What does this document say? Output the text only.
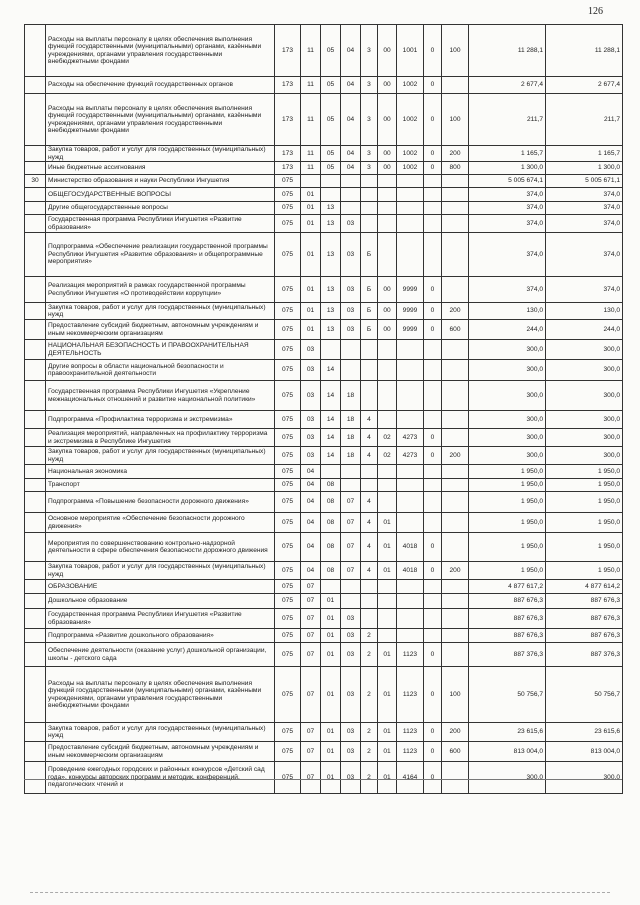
126
	Расходы на выплаты персоналу в целях обеспечения выполнения функций государственными (муниципальными) органами, казёнными учреждениями, органами управления государственными внебюджетными фондами	173	11	05	04	3	00	1001	0	100	11 288,1	11 288,1
	Расходы на обеспечение функций государственных органов	173	11	05	04	3	00	1002	0		2 677,4	2 677,4
	Расходы на выплаты персоналу в целях обеспечения выполнения функций государственными (муниципальными) органами, казёнными учреждениями, органами управления государственными внебюджетными фондами	173	11	05	04	3	00	1002	0	100	211,7	211,7
	Закупка товаров, работ и услуг для государственных (муниципальных) нужд	173	11	05	04	3	00	1002	0	200	1 165,7	1 165,7
	Иные бюджетные ассигнования	173	11	05	04	3	00	1002	0	800	1 300,0	1 300,0
30	Министерство образования и науки Республики Ингушетия	075									5 005 674,1	5 005 671,1
	ОБЩЕГОСУДАРСТВЕННЫЕ ВОПРОСЫ	075	01								374,0	374,0
	Другие общегосударственные вопросы	075	01	13							374,0	374,0
	Государственная программа Республики Ингушетия «Развитие образования»	075	01	13	03						374,0	374,0
	Подпрограмма «Обеспечение реализации государственной программы Республики Ингушетия «Развитие образования» и общепрограммные мероприятия»	075	01	13	03	Б					374,0	374,0
	Реализация мероприятий в рамках государственной программы Республики Ингушетия «О противодействии коррупции»	075	01	13	03	Б	00	9999	0		374,0	374,0
	Закупка товаров, работ и услуг для государственных (муниципальных) нужд	075	01	13	03	Б	00	9999	0	200	130,0	130,0
	Предоставление субсидий бюджетным, автономным учреждениям и иным некоммерческим организациям	075	01	13	03	Б	00	9999	0	600	244,0	244,0
	НАЦИОНАЛЬНАЯ БЕЗОПАСНОСТЬ И ПРАВООХРАНИТЕЛЬНАЯ ДЕЯТЕЛЬНОСТЬ	075	03								300,0	300,0
	Другие вопросы в области национальной безопасности и правоохранительной деятельности	075	03	14							300,0	300,0
	Государственная программа Республики Ингушетия «Укрепление межнациональных отношений и развитие национальной политики»	075	03	14	18						300,0	300,0
	Подпрограмма «Профилактика терроризма и экстремизма»	075	03	14	18	4					300,0	300,0
	Реализация мероприятий, направленных на профилактику терроризма и экстремизма в Республике Ингушетия	075	03	14	18	4	02	4273	0		300,0	300,0
	Закупка товаров, работ и услуг для государственных (муниципальных) нужд	075	03	14	18	4	02	4273	0	200	300,0	300,0
	Национальная экономика	075	04								1 950,0	1 950,0
	Транспорт	075	04	08							1 950,0	1 950,0
	Подпрограмма «Повышение безопасности дорожного движения»	075	04	08	07	4					1 950,0	1 950,0
	Основное мероприятие «Обеспечение безопасности дорожного движения»	075	04	08	07	4	01				1 950,0	1 950,0
	Мероприятия по совершенствованию контрольно-надзорной деятельности в сфере обеспечения безопасности дорожного движения	075	04	08	07	4	01	4018	0		1 950,0	1 950,0
	Закупка товаров, работ и услуг для государственных (муниципальных) нужд	075	04	08	07	4	01	4018	0	200	1 950,0	1 950,0
	ОБРАЗОВАНИЕ	075	07								4 877 617,2	4 877 614,2
	Дошкольное образование	075	07	01							887 676,3	887 676,3
	Государственная программа Республики Ингушетия «Развитие образования»	075	07	01	03						887 676,3	887 676,3
	Подпрограмма «Развитие дошкольного образования»	075	07	01	03	2					887 676,3	887 676,3
	Обеспечение деятельности (оказание услуг) дошкольной организации, школы - детского сада	075	07	01	03	2	01	1123	0		887 376,3	887 376,3
	Расходы на выплаты персоналу в целях обеспечения выполнения функций государственными (муниципальными) органами, казёнными учреждениями, органами управления государственными внебюджетными фондами	075	07	01	03	2	01	1123	0	100	50 756,7	50 756,7
	Закупка товаров, работ и услуг для государственных (муниципальных) нужд	075	07	01	03	2	01	1123	0	200	23 615,6	23 615,6
	Предоставление субсидий бюджетным, автономным учреждениям и иным некоммерческим организациям	075	07	01	03	2	01	1123	0	600	813 004,0	813 004,0
	Проведение ежегодных городских и районных конкурсов «Детский сад года», конкурсы авторских программ и методик, конференций, педагогических чтений и	075	07	01	03	2	01	4164	0		300,0	300,0
